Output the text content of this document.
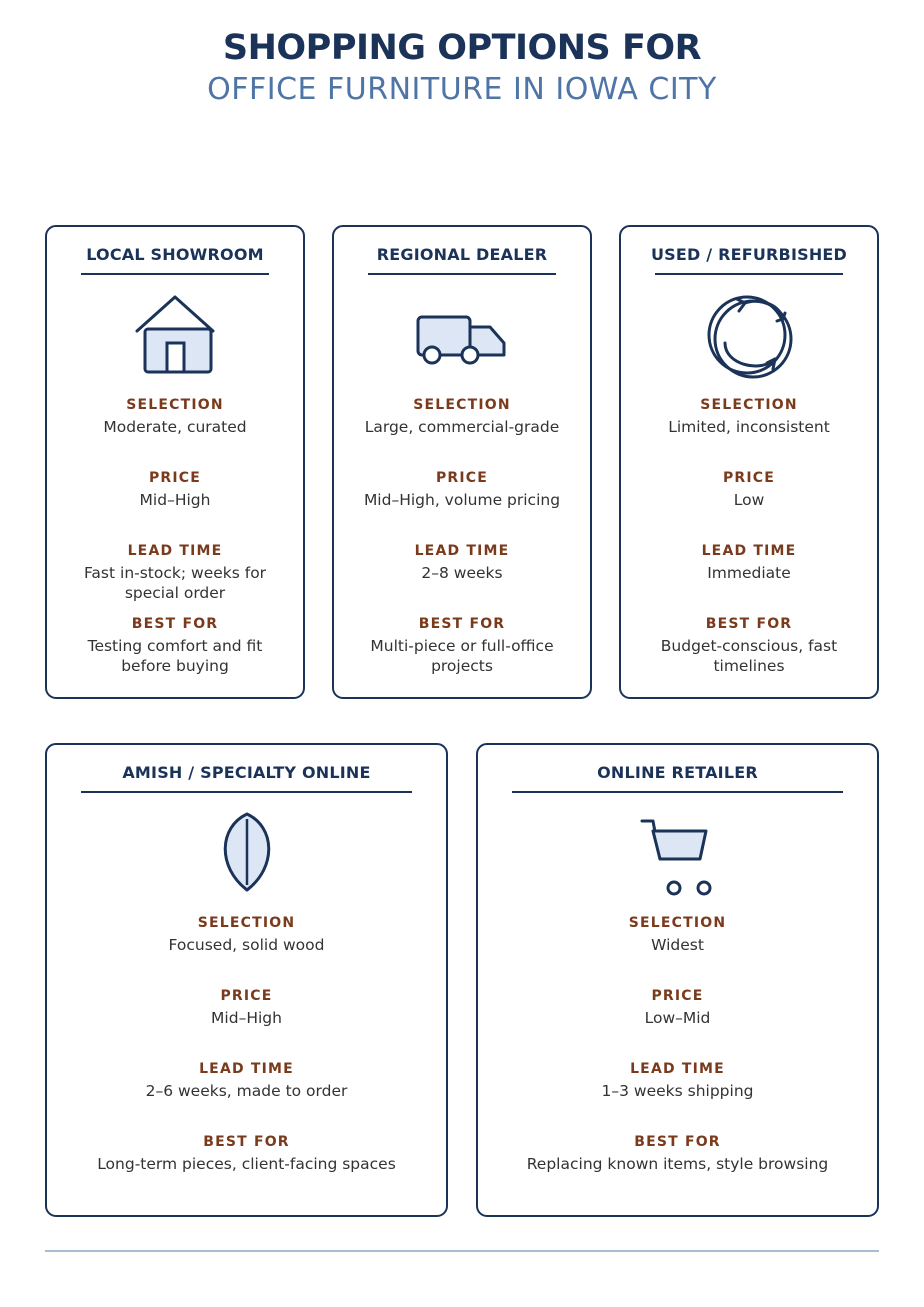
SHOPPING OPTIONS FOR
OFFICE FURNITURE IN IOWA CITY
LOCAL SHOWROOM
SELECTION
Moderate, curated
PRICE
Mid–High
LEAD TIME
Fast in-stock; weeks for special order
BEST FOR
Testing comfort and fit before buying
REGIONAL DEALER
SELECTION
Large, commercial-grade
PRICE
Mid–High, volume pricing
LEAD TIME
2–8 weeks
BEST FOR
Multi-piece or full-office projects
USED / REFURBISHED
SELECTION
Limited, inconsistent
PRICE
Low
LEAD TIME
Immediate
BEST FOR
Budget-conscious, fast timelines
AMISH / SPECIALTY ONLINE
SELECTION
Focused, solid wood
PRICE
Mid–High
LEAD TIME
2–6 weeks, made to order
BEST FOR
Long-term pieces, client-facing spaces
ONLINE RETAILER
SELECTION
Widest
PRICE
Low–Mid
LEAD TIME
1–3 weeks shipping
BEST FOR
Replacing known items, style browsing
